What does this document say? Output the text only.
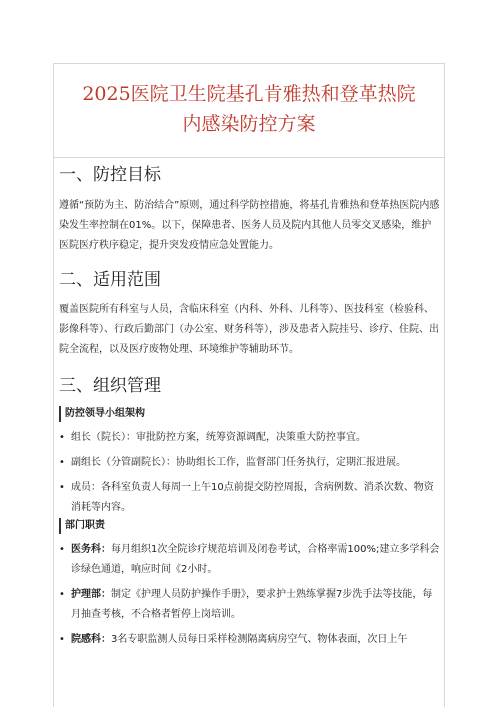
2025医院卫生院基孔肯雅热和登革热院
内感染防控方案
一、防控目标

遵循“预防为主、防治结合”原则，通过科学防控措施，将基孔肯雅热和登革热医院内感染发生率控制在01%。以下，保障患者、医务人员及院内其他人员零交叉感染，维护医院医疗秩序稳定，提升突发疫情应急处置能力。

二、适用范围

覆盖医院所有科室与人员，含临床科室（内科、外科、儿科等）、医技科室（检验科、影像科等）、行政后勤部门（办公室、财务科等），涉及患者入院挂号、诊疗、住院、出院全流程，以及医疗废物处理、环境维护等辅助环节。

三、组织管理
防控领导小组架构
• 组长（院长）：审批防控方案，统筹资源调配，决策重大防控事宜。
• 副组长（分管副院长）：协助组长工作，监督部门任务执行，定期汇报进展。
• 成员：各科室负责人每周一上午10点前提交防控周报，含病例数、消杀次数、物资消耗等内容。
部门职责
• 医务科：每月组织1次全院诊疗规范培训及闭卷考试，合格率需100%;建立多学科会诊绿色通道，响应时间《2小时。
• 护理部：制定《护理人员防护操作手册》，要求护士熟练掌握7步洗手法等技能，每月抽查考核，不合格者暂停上岗培训。
• 院感科：3名专职监测人员每日采样检测隔离病房空气、物体表面，次日上午
